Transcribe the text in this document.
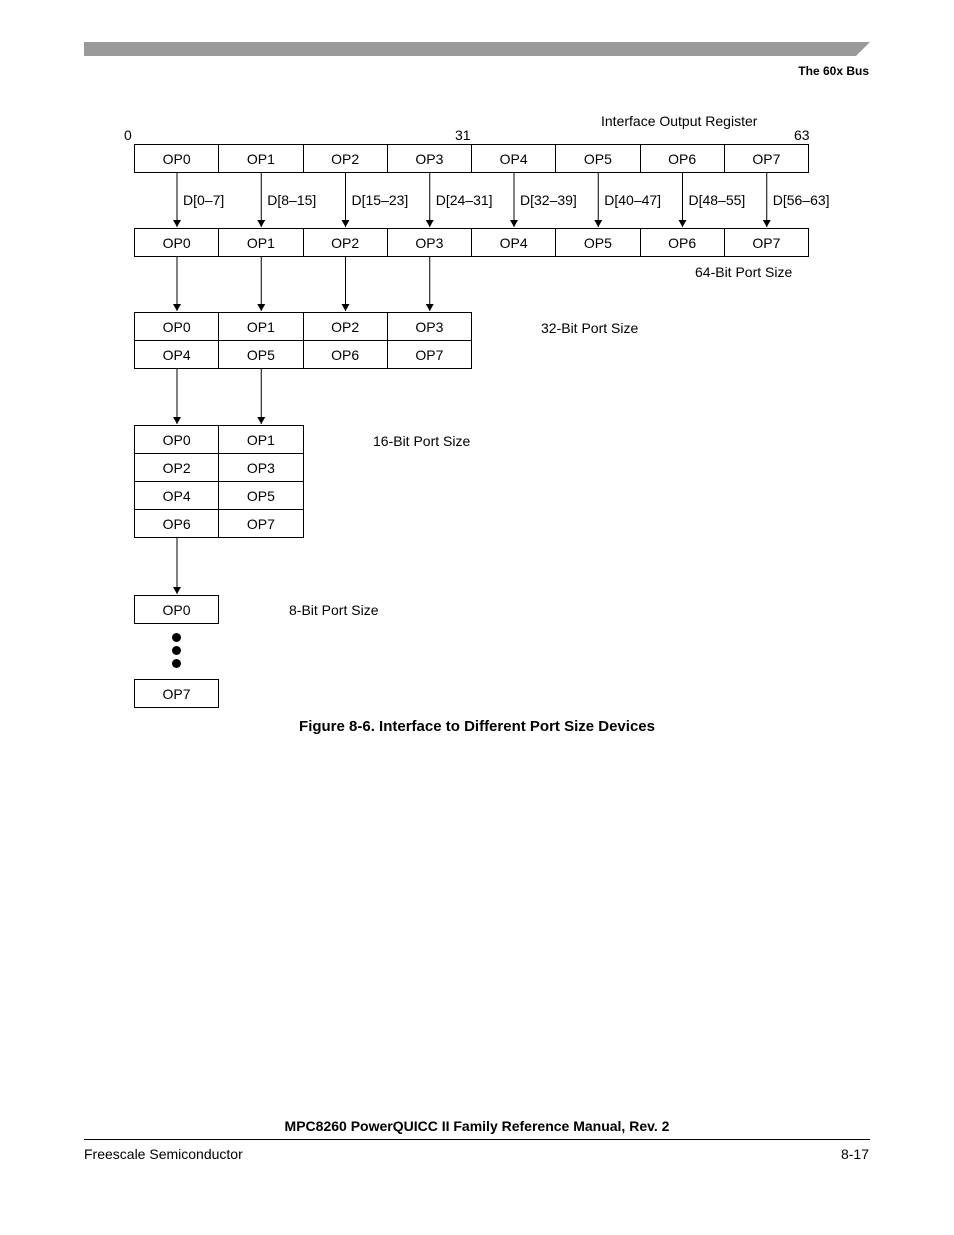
The 60x Bus
Interface Output Register
0	31	63
64-Bit Port Size
32-Bit Port Size
16-Bit Port Size
OP0
OP7
8-Bit Port Size
Figure 8-6. Interface to Different Port Size Devices
MPC8260 PowerQUICC II Family Reference Manual, Rev. 2
Freescale Semiconductor	8-17
OP0	OP1	OP2	OP3	OP4	OP5	OP6	OP7
OP0	OP1	OP2	OP3	OP4	OP5	OP6	OP7
OP0	OP1	OP2	OP3
OP4	OP5	OP6	OP7
OP0	OP1
OP2	OP3
OP4	OP5
OP6	OP7
D[0–7]	D[8–15]	D[15–23] D[24–31] D[32–39] D[40–47] D[48–55] D[56–63]
